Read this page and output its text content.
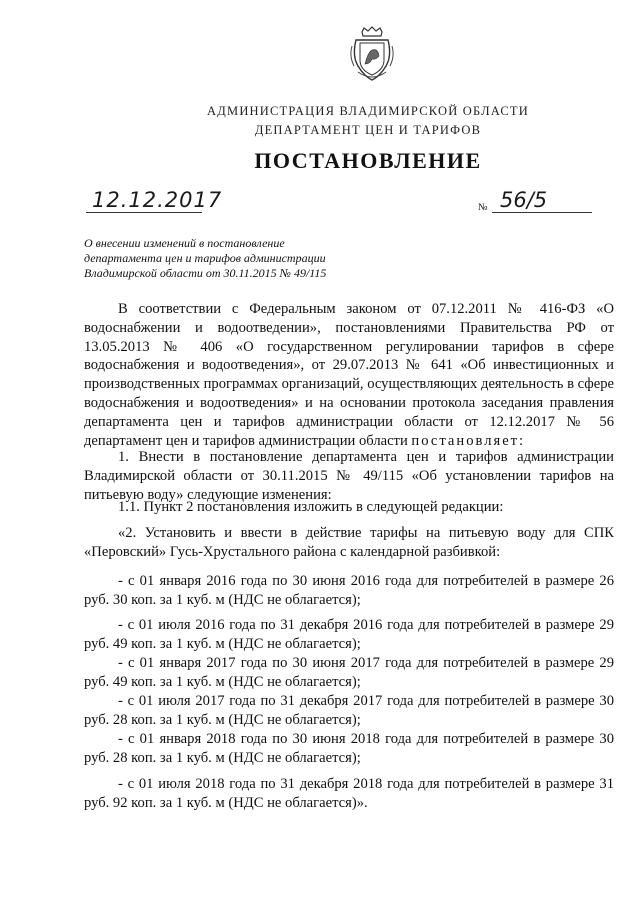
АДМИНИСТРАЦИЯ ВЛАДИМИРСКОЙ ОБЛАСТИ
ДЕПАРТАМЕНТ ЦЕН И ТАРИФОВ
ПОСТАНОВЛЕНИЕ
12.12.2017	№ 56/5
О внесении изменений в постановление
департамента цен и тарифов администрации
Владимирской области от 30.11.2015 № 49/115

В соответствии с Федеральным законом от 07.12.2011 № 416-ФЗ «О водоснабжении и водоотведении», постановлениями Правительства РФ от 13.05.2013 № 406 «О государственном регулировании тарифов в сфере водоснабжения и водоотведения», от 29.07.2013 № 641 «Об инвестиционных и производственных программах организаций, осуществляющих деятельность в сфере водоснабжения и водоотведения» и на основании протокола заседания правления департамента цен и тарифов администрации области от 12.12.2017 № 56 департамент цен и тарифов администрации области постановляет:

1. Внести в постановление департамента цен и тарифов администрации Владимирской области от 30.11.2015 № 49/115 «Об установлении тарифов на питьевую воду» следующие изменения:

1.1. Пункт 2 постановления изложить в следующей редакции:

«2. Установить и ввести в действие тарифы на питьевую воду для СПК «Перовский» Гусь-Хрустального района с календарной разбивкой:

- с 01 января 2016 года по 30 июня 2016 года для потребителей в размере 26 руб. 30 коп. за 1 куб. м (НДС не облагается);

- с 01 июля 2016 года по 31 декабря 2016 года для потребителей в размере 29 руб. 49 коп. за 1 куб. м (НДС не облагается);

- с 01 января 2017 года по 30 июня 2017 года для потребителей в размере 29 руб. 49 коп. за 1 куб. м (НДС не облагается);

- с 01 июля 2017 года по 31 декабря 2017 года для потребителей в размере 30 руб. 28 коп. за 1 куб. м (НДС не облагается);

- с 01 января 2018 года по 30 июня 2018 года для потребителей в размере 30 руб. 28 коп. за 1 куб. м (НДС не облагается);

- с 01 июля 2018 года по 31 декабря 2018 года для потребителей в размере 31 руб. 92 коп. за 1 куб. м (НДС не облагается)».
